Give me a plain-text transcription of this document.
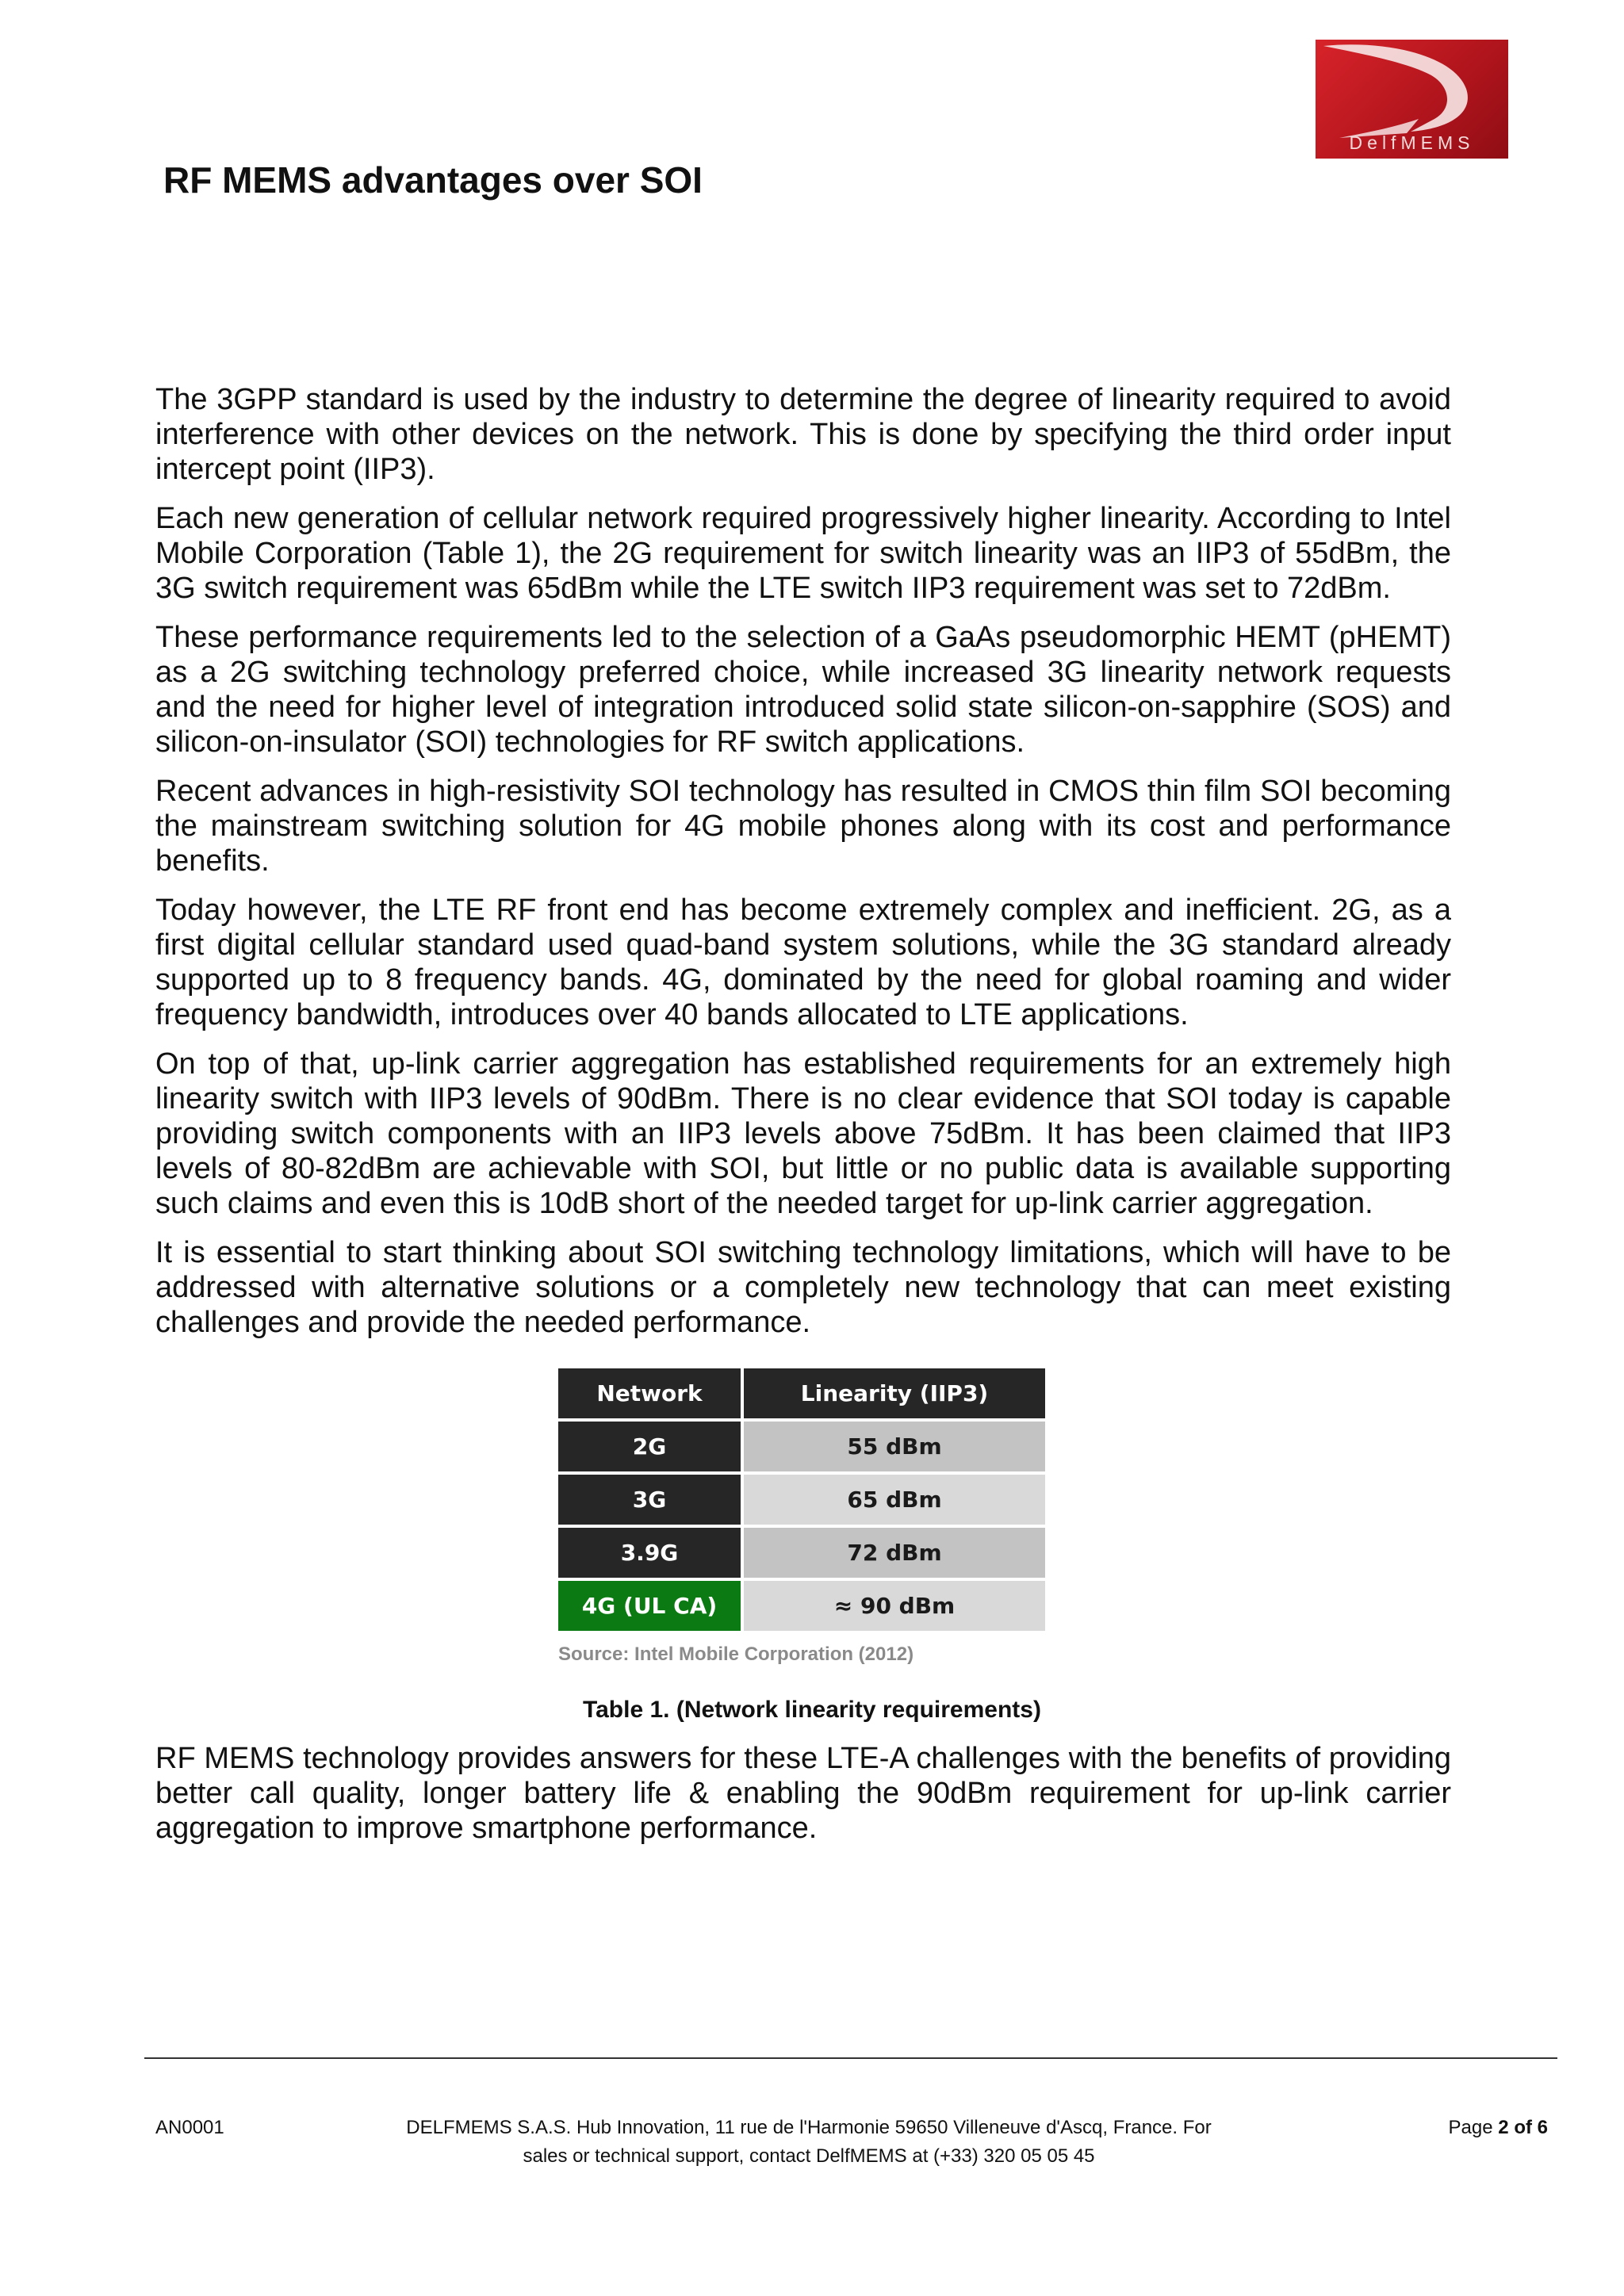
DelfMEMS
RF MEMS advantages over SOI

The 3GPP standard is used by the industry to determine the degree of linearity required to avoid interference with other devices on the network. This is done by specifying the third order input intercept point (IIP3).

Each new generation of cellular network required progressively higher linearity. According to Intel Mobile Corporation (Table 1), the 2G requirement for switch linearity was an IIP3 of 55dBm, the 3G switch requirement was 65dBm while the LTE switch IIP3 requirement was set to 72dBm.

These performance requirements led to the selection of a GaAs pseudomorphic HEMT (pHEMT) as a 2G switching technology preferred choice, while increased 3G linearity network requests and the need for higher level of integration introduced solid state silicon-on-sapphire (SOS) and silicon-on-insulator (SOI) technologies for RF switch applications.

Recent advances in high-resistivity SOI technology has resulted in CMOS thin film SOI becoming the mainstream switching solution for 4G mobile phones along with its cost and performance benefits.

Today however, the LTE RF front end has become extremely complex and inefficient. 2G, as a first digital cellular standard used quad-band system solutions, while the 3G standard already supported up to 8 frequency bands. 4G, dominated by the need for global roaming and wider frequency bandwidth, introduces over 40 bands allocated to LTE applications.

On top of that, up-link carrier aggregation has established requirements for an extremely high linearity switch with IIP3 levels of 90dBm. There is no clear evidence that SOI today is capable providing switch components with an IIP3 levels above 75dBm. It has been claimed that IIP3 levels of 80-82dBm are achievable with SOI, but little or no public data is available supporting such claims and even this is 10dB short of the needed target for up-link carrier aggregation.

It is essential to start thinking about SOI switching technology limitations, which will have to be addressed with alternative solutions or a completely new technology that can meet existing challenges and provide the needed performance.

Network	Linearity (IIP3)
2G	55 dBm
3G	65 dBm
3.9G	72 dBm
4G (UL CA)	≈ 90 dBm
Source: Intel Mobile Corporation (2012)
Table 1. (Network linearity requirements)

RF MEMS technology provides answers for these LTE-A challenges with the benefits of providing better call quality, longer battery life & enabling the 90dBm requirement for up-link carrier aggregation to improve smartphone performance.

AN0001	DELFMEMS S.A.S. Hub Innovation, 11 rue de l'Harmonie 59650 Villeneuve d'Ascq, France. For
sales or technical support, contact DelfMEMS at (+33) 320 05 05 45
Page 2 of 6
